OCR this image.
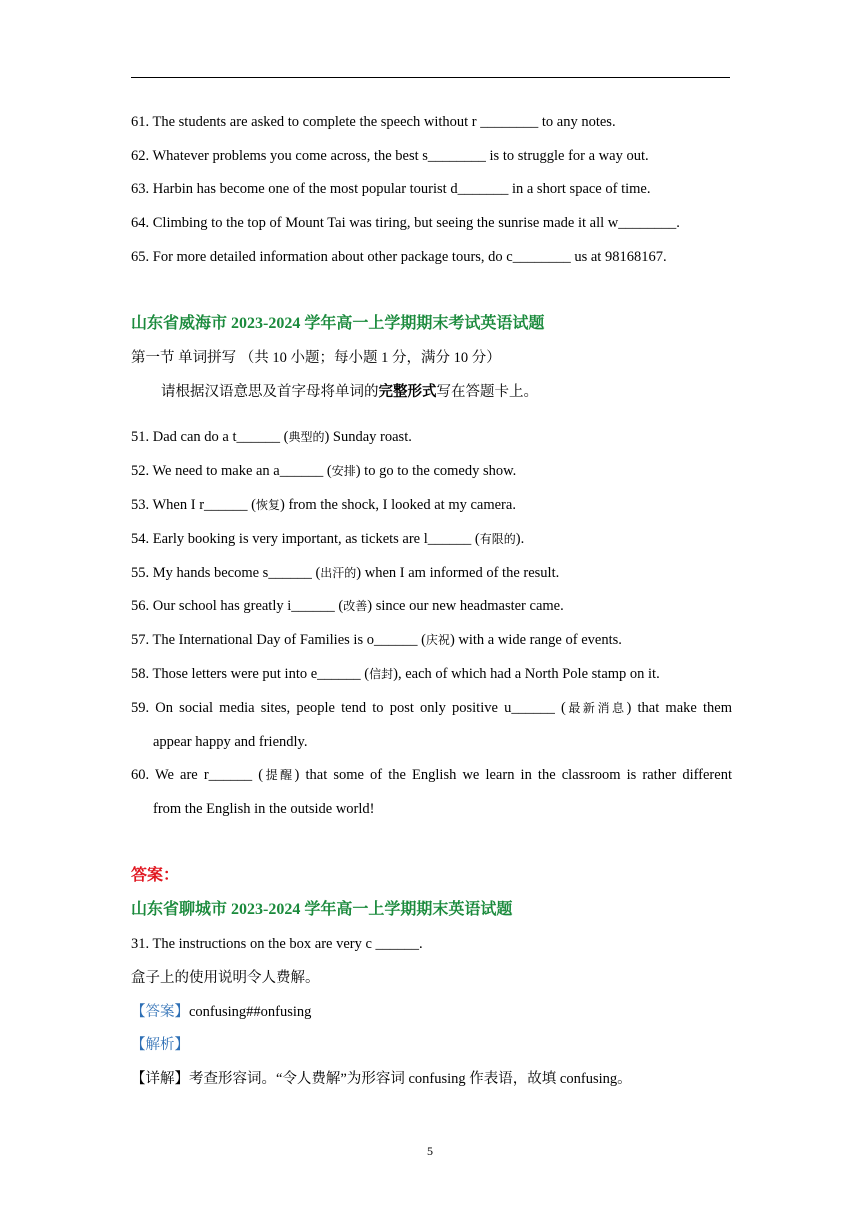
61. The students are asked to complete the speech without r ________ to any notes.
62. Whatever problems you come across, the best s________ is to struggle for a way out.
63. Harbin has become one of the most popular tourist d_______ in a short space of time.
64. Climbing to the top of Mount Tai was tiring, but seeing the sunrise made it all w________.
65. For more detailed information about other package tours, do c________ us at 98168167.
山东省威海市 2023-2024 学年高一上学期期末考试英语试题
第一节 单词拼写 （共 10 小题；每小题 1 分，满分 10 分）
请根据汉语意思及首字母将单词的完整形式写在答题卡上。
51. Dad can do a t______ (典型的) Sunday roast.
52. We need to make an a______ (安排) to go to the comedy show.
53. When I r______ (恢复) from the shock, I looked at my camera.
54. Early booking is very important, as tickets are l______ (有限的).
55. My hands become s______ (出汗的) when I am informed of the result.
56. Our school has greatly i______ (改善) since our new headmaster came.
57. The International Day of Families is o______ (庆祝) with a wide range of events.
58. Those letters were put into e______ (信封), each of which had a North Pole stamp on it.
59. On social media sites, people tend to post only positive u______ (最新消息) that make them
appear happy and friendly.
60. We are r______ (提醒) that some of the English we learn in the classroom is rather different
from the English in the outside world!
答案：
山东省聊城市 2023-2024 学年高一上学期期末英语试题
31. The instructions on the box are very c ______.
盒子上的使用说明令人费解。
【答案】confusing##onfusing
【解析】
【详解】考查形容词。“令人费解”为形容词 confusing 作表语，故填 confusing。
5
